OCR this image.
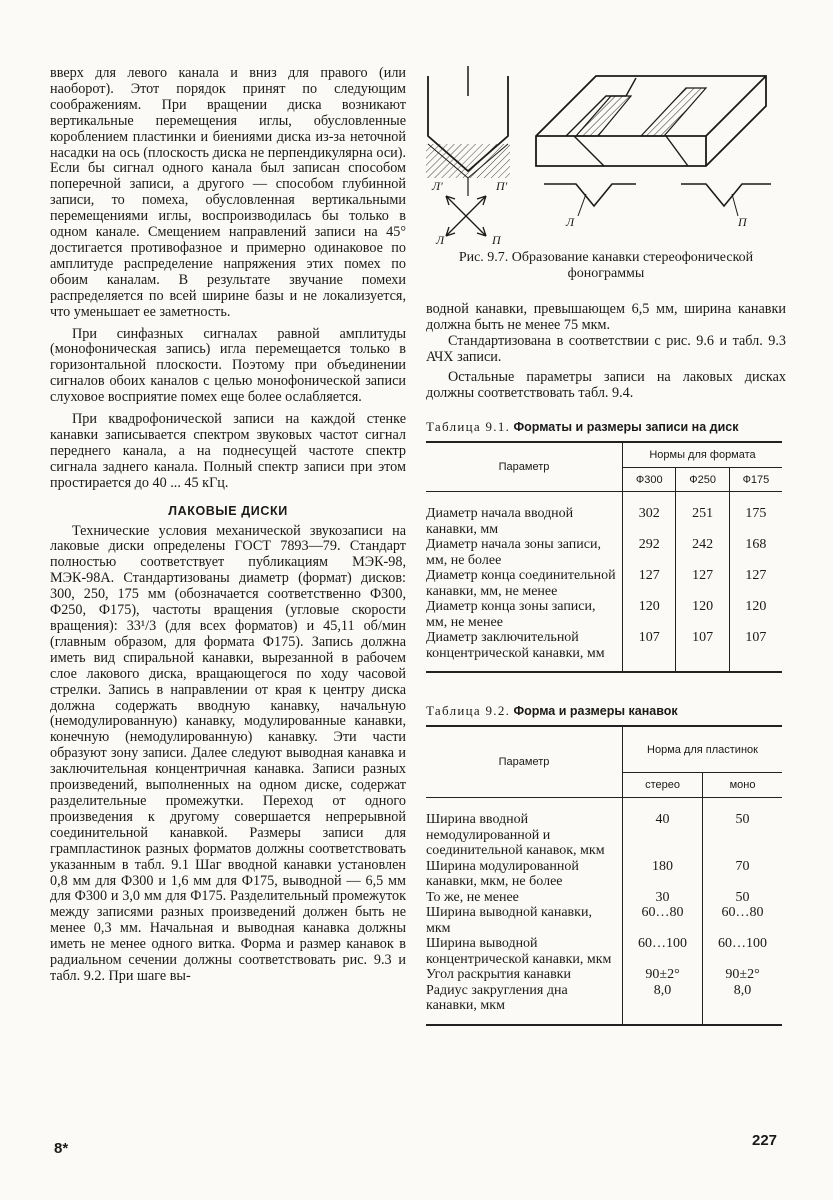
вверх для левого канала и вниз для правого (или наоборот). Этот порядок принят по следующим соображениям. При вращении диска возникают вертикальные перемещения иглы, обусловленные короблением пластинки и биениями диска из-за неточной насадки на ось (плоскость диска не перпендикулярна оси). Если бы сигнал одного канала был записан способом поперечной записи, а другого — способом глубинной записи, то помеха, обусловленная вертикальными перемещениями иглы, воспроизводилась бы только в одном канале. Смещением направлений записи на 45° достигается противофазное и примерно одинаковое по амплитуде распределение напряжения этих помех по обоим каналам. В результате звучание помехи распределяется по всей ширине базы и не локализуется, что уменьшает ее заметность.

При синфазных сигналах равной амплитуды (монофоническая запись) игла перемещается только в горизонтальной плоскости. Поэтому при объединении сигналов обоих каналов с целью монофонической записи слуховое восприятие помех еще более ослабляется.

При квадрофонической записи на каждой стенке канавки записывается спектром звуковых частот сигнал переднего канала, а на поднесущей частоте спектр сигнала заднего канала. Полный спектр записи при этом простирается до 40 ... 45 кГц.

ЛАКОВЫЕ ДИСКИ

Технические условия механической звукозаписи на лаковые диски определены ГОСТ 7893—79. Стандарт полностью соответствует публикациям МЭК-98, МЭК-98А. Стандартизованы диаметр (формат) дисков: 300, 250, 175 мм (обозначается соответственно Ф300, Ф250, Ф175), частоты вращения (угловые скорости вращения): 33¹/3 (для всех форматов) и 45,11 об/мин (главным образом, для формата Ф175). Запись должна иметь вид спиральной канавки, вырезанной в рабочем слое лакового диска, вращающегося по ходу часовой стрелки. Запись в направлении от края к центру диска должна содержать вводную канавку, начальную (немодулированную) канавку, модулированные канавки, конечную (немодулированную) канавку. Эти части образуют зону записи. Далее следуют выводная канавка и заключительная концентричная канавка. Записи разных произведений, выполненных на одном диске, содержат разделительные промежутки. Переход от одного произведения к другому совершается непрерывной соединительной канавкой. Размеры записи для грампластинок разных форматов должны соответствовать указанным в табл. 9.1 Шаг вводной канавки установлен 0,8 мм для Ф300 и 1,6 мм для Ф175, выводной — 6,5 мм для Ф300 и 3,0 мм для Ф175. Разделительный промежуток между записями разных произведений должен быть не менее 0,3 мм. Начальная и выводная канавка должны иметь не менее одного витка. Форма и размер канавок в радиальном сечении должны соответствовать рис. 9.3 и табл. 9.2. При шаге вы-

Л'	П'
Л	П
Л	П

Рис. 9.7. Образование канавки стереофонической фонограммы

водной канавки, превышающем 6,5 мм, ширина канавки должна быть не менее 75 мкм.

Стандартизована в соответствии с рис. 9.6 и табл. 9.3 АЧХ записи.

Остальные параметры записи на лаковых дисках должны соответствовать табл. 9.4.

Таблица 9.1. Форматы и размеры записи на диск
Параметр	Нормы для формата		
	Ф300	Ф250	Ф175
Диаметр начала вводной канавки, мм	302	251	175
Диаметр начала зоны записи, мм, не более	292	242	168
Диаметр конца соединительной канавки, мм, не менее	127	127	127
Диаметр конца зоны записи, мм, не менее	120	120	120
Диаметр заключительной концентрической канавки, мм	107	107	107
Таблица 9.2. Форма и размеры канавок
Параметр	Норма для пластинок	
	стерео	моно
Ширина вводной немодулированной и соединительной канавок, мкм	40	50
Ширина модулированной канавки, мкм, не более	180	70
То же, не менее	30	50
Ширина выводной канавки, мкм	60…80	60…80
Ширина выводной концентрической канавки, мкм	60…100	60…100
Угол раскрытия канавки	90±2°	90±2°
Радиус закругления дна канавки, мкм	8,0	8,0
8*	227
